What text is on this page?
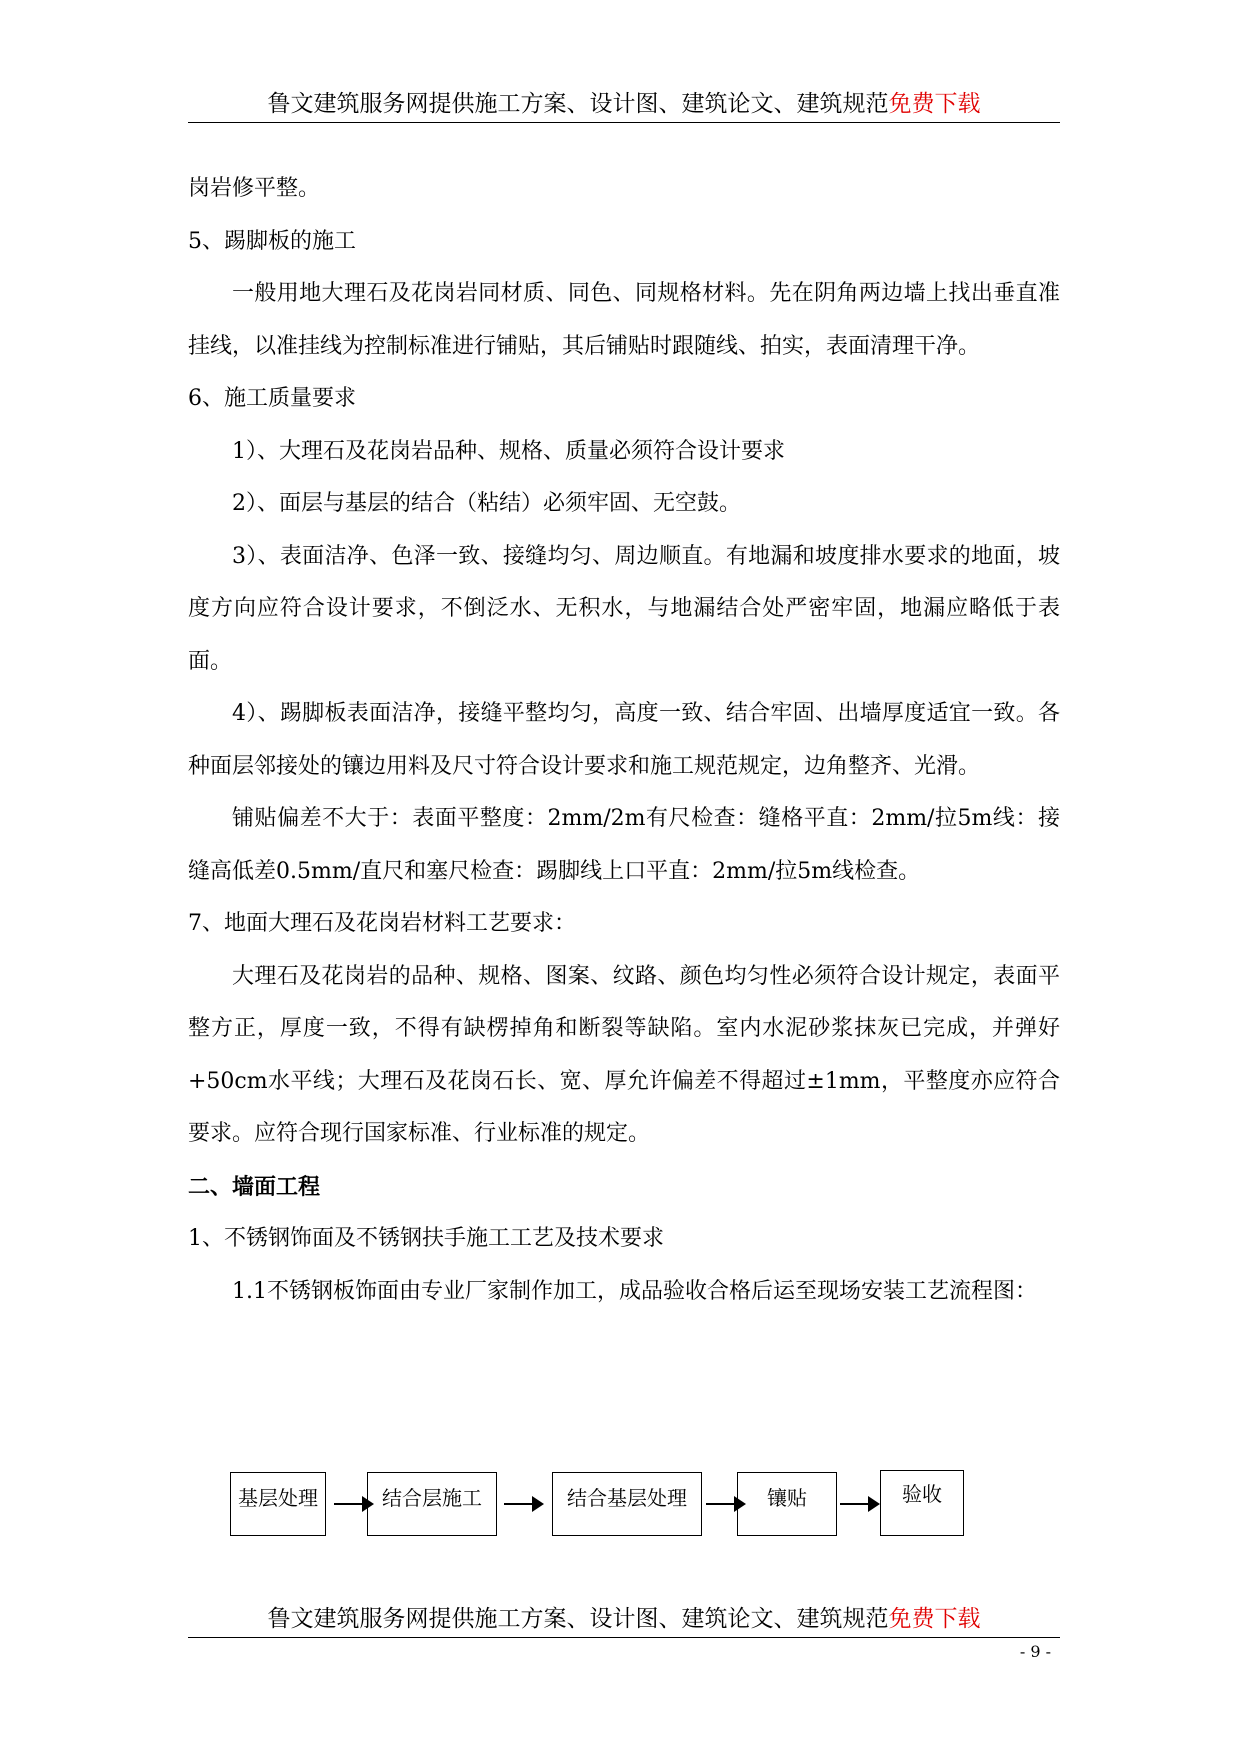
鲁文建筑服务网提供施工方案、设计图、建筑论文、建筑规范免费下载

岗岩修平整。

5、踢脚板的施工

一般用地大理石及花岗岩同材质、同色、同规格材料。先在阴角两边墙上找出垂直准挂线，以准挂线为控制标准进行铺贴，其后铺贴时跟随线、拍实，表面清理干净。

6、施工质量要求

1）、大理石及花岗岩品种、规格、质量必须符合设计要求

2）、面层与基层的结合（粘结）必须牢固、无空鼓。

3）、表面洁净、色泽一致、接缝均匀、周边顺直。有地漏和坡度排水要求的地面，坡度方向应符合设计要求，不倒泛水、无积水，与地漏结合处严密牢固，地漏应略低于表面。

4）、踢脚板表面洁净，接缝平整均匀，高度一致、结合牢固、出墙厚度适宜一致。各种面层邻接处的镶边用料及尺寸符合设计要求和施工规范规定，边角整齐、光滑。

铺贴偏差不大于：表面平整度：2mm/2m有尺检查：缝格平直：2mm/拉5m线：接缝高低差0.5mm/直尺和塞尺检查：踢脚线上口平直：2mm/拉5m线检查。

7、地面大理石及花岗岩材料工艺要求：

大理石及花岗岩的品种、规格、图案、纹路、颜色均匀性必须符合设计规定，表面平整方正，厚度一致，不得有缺楞掉角和断裂等缺陷。室内水泥砂浆抹灰已完成，并弹好+50cm水平线；大理石及花岗石长、宽、厚允许偏差不得超过±1mm，平整度亦应符合要求。应符合现行国家标准、行业标准的规定。

二、墙面工程

1、不锈钢饰面及不锈钢扶手施工工艺及技术要求

1.1不锈钢板饰面由专业厂家制作加工，成品验收合格后运至现场安装工艺流程图：

基层处理	结合层施工	结合基层处理	镶贴	验收
鲁文建筑服务网提供施工方案、设计图、建筑论文、建筑规范免费下载
- 9 -
